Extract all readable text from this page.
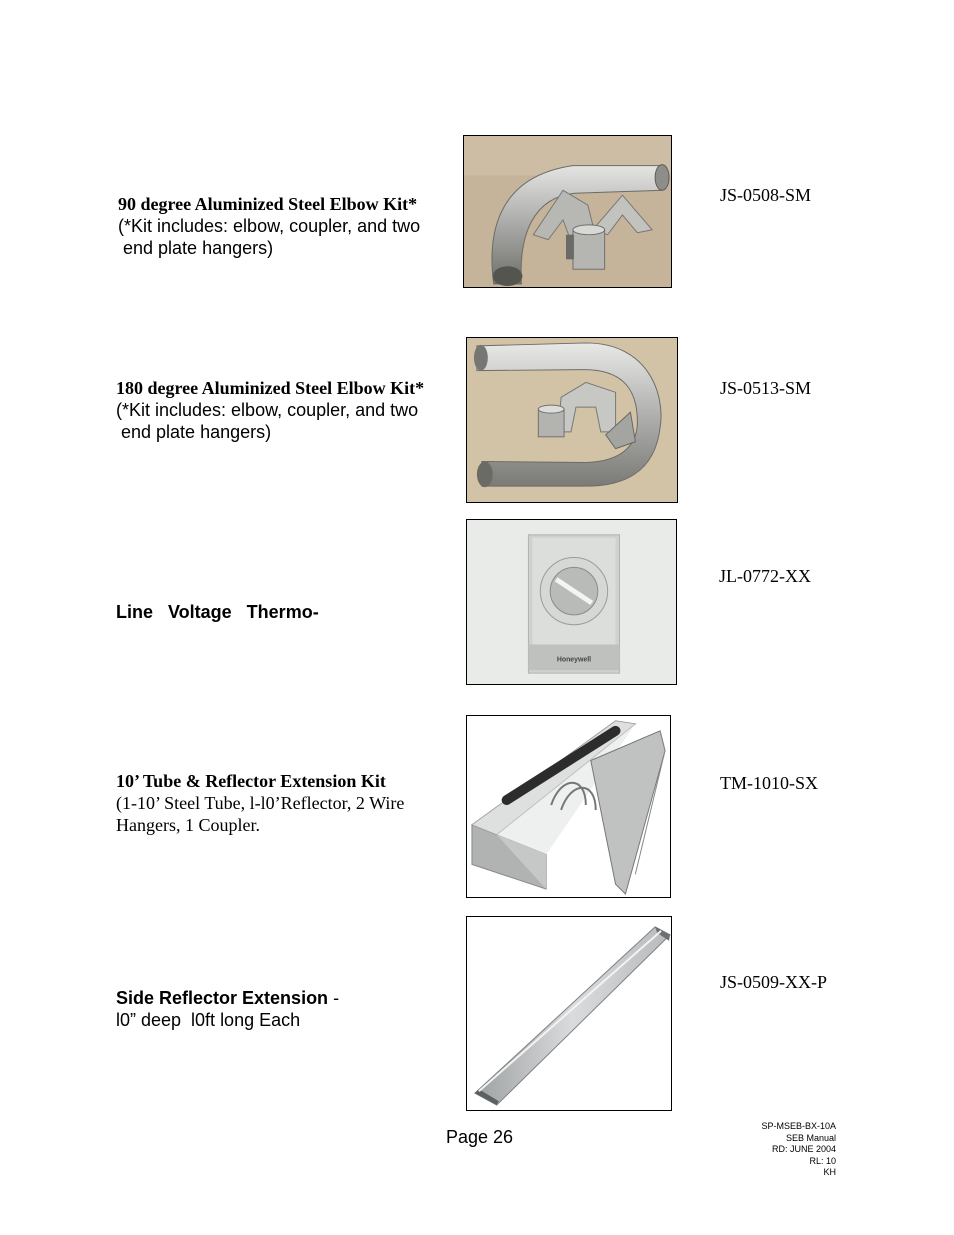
90 degree Aluminized Steel Elbow Kit*
(*Kit includes: elbow, coupler, and two
end plate hangers)
JS-0508-SM
180 degree Aluminized Steel Elbow Kit*
(*Kit includes: elbow, coupler, and two
end plate hangers)
JS-0513-SM
Line   Voltage   Thermo-
Honeywell
JL-0772-XX
10’ Tube & Reflector Extension Kit
(1-10’ Steel Tube, l-l0’Reflector, 2 Wire
Hangers, 1 Coupler.
TM-1010-SX
Side Reflector Extension -
l0” deep  l0ft long Each
JS-0509-XX-P
Page 26
SP-MSEB-BX-10A
SEB Manual
RD: JUNE 2004
RL: 10
KH
